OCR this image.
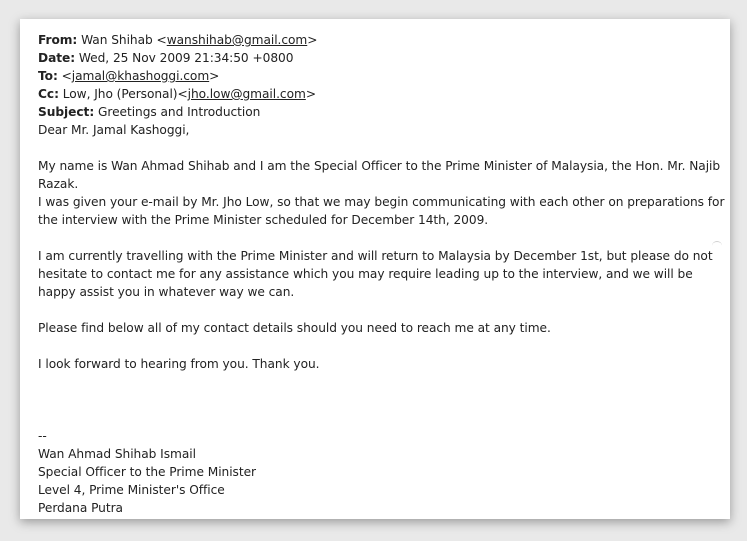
From: Wan Shihab <wanshihab@gmail.com>
Date: Wed, 25 Nov 2009 21:34:50 +0800
To: <jamal@khashoggi.com>
Cc: Low, Jho (Personal)<jho.low@gmail.com>
Subject: Greetings and Introduction
Dear Mr. Jamal Kashoggi,

My name is Wan Ahmad Shihab and I am the Special Officer to the Prime Minister of Malaysia, the Hon. Mr. Najib Razak.

I was given your e-mail by Mr. Jho Low, so that we may begin communicating with each other on preparations for the interview with the Prime Minister scheduled for December 14th, 2009.

I am currently travelling with the Prime Minister and will return to Malaysia by December 1st, but please do not hesitate to contact me for any assistance which you may require leading up to the interview, and we will be happy assist you in whatever way we can.

Please find below all of my contact details should you need to reach me at any time.

I look forward to hearing from you. Thank you.

--
Wan Ahmad Shihab Ismail
Special Officer to the Prime Minister
Level 4, Prime Minister's Office
Perdana Putra
